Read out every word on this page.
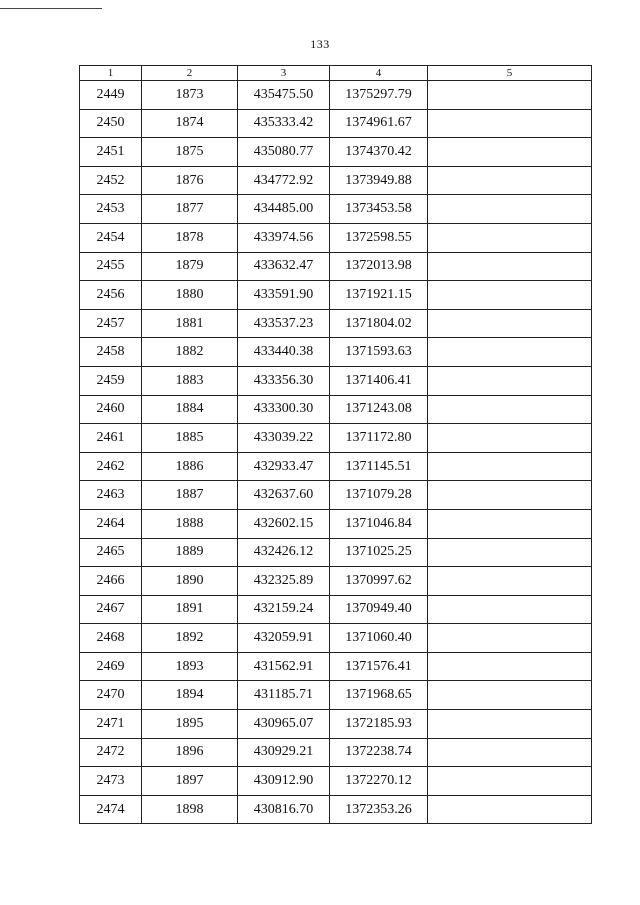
133
1	2	3	4	5
2449	1873	435475.50	1375297.79	
2450	1874	435333.42	1374961.67	
2451	1875	435080.77	1374370.42	
2452	1876	434772.92	1373949.88	
2453	1877	434485.00	1373453.58	
2454	1878	433974.56	1372598.55	
2455	1879	433632.47	1372013.98	
2456	1880	433591.90	1371921.15	
2457	1881	433537.23	1371804.02	
2458	1882	433440.38	1371593.63	
2459	1883	433356.30	1371406.41	
2460	1884	433300.30	1371243.08	
2461	1885	433039.22	1371172.80	
2462	1886	432933.47	1371145.51	
2463	1887	432637.60	1371079.28	
2464	1888	432602.15	1371046.84	
2465	1889	432426.12	1371025.25	
2466	1890	432325.89	1370997.62	
2467	1891	432159.24	1370949.40	
2468	1892	432059.91	1371060.40	
2469	1893	431562.91	1371576.41	
2470	1894	431185.71	1371968.65	
2471	1895	430965.07	1372185.93	
2472	1896	430929.21	1372238.74	
2473	1897	430912.90	1372270.12	
2474	1898	430816.70	1372353.26	
